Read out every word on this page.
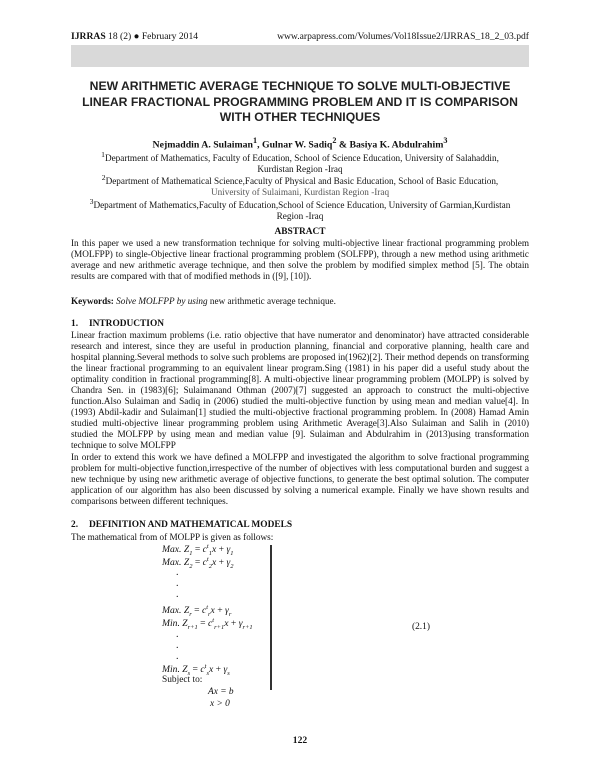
IJRRAS 18 (2) ● February 2014	www.arpapress.com/Volumes/Vol18Issue2/IJRRAS_18_2_03.pdf
NEW ARITHMETIC AVERAGE TECHNIQUE TO SOLVE MULTI-OBJECTIVE LINEAR FRACTIONAL PROGRAMMING PROBLEM AND IT IS COMPARISON WITH OTHER TECHNIQUES
Nejmaddin A. Sulaiman$^1$, Gulnar W. Sadiq$^2$ & Basiya K. Abdulrahim$^3$
$^1$Department of Mathematics, Faculty of Education, School of Science Education, University of Salahaddin,
Kurdistan Region -Iraq
$^2$Department of Mathematical Science,Faculty of Physical and Basic Education, School of Basic Education,
University of Sulaimani, Kurdistan Region -Iraq
$^3$Department of Mathematics,Faculty of Education,School of Science Education, University of Garmian,Kurdistan
Region -Iraq
ABSTRACT
In this paper we used a new transformation technique for solving multi-objective linear fractional programming problem (MOLFPP) to single-Objective linear fractional programming problem (SOLFPP), through a new method using arithmetic average and new arithmetic average technique, and then solve the problem by modified simplex method [5]. The obtain results are compared with that of modified methods in ([9], [10]).
Keywords: Solve MOLFPP by using new arithmetic average technique.
1. INTRODUCTION
Linear fraction maximum problems (i.e. ratio objective that have numerator and denominator) have attracted considerable research and interest, since they are useful in production planning, financial and corporative planning, health care and hospital planning.Several methods to solve such problems are proposed in(1962)[2]. Their method depends on transforming the linear fractional programming to an equivalent linear program.Sing (1981) in his paper did a useful study about the optimality condition in fractional programming[8]. A multi-objective linear programming problem (MOLPP) is solved by Chandra Sen. in (1983)[6]; Sulaimanand Othman (2007)[7] suggested an approach to construct the multi-objective function.Also Sulaiman and Sadiq in (2006) studied the multi-objective function by using mean and median value[4]. In (1993) Abdil-kadir and Sulaiman[1] studied the multi-objective fractional programming problem. In (2008) Hamad Amin studied multi-objective linear programming problem using Arithmetic Average[3].Also Sulaiman and Salih in (2010) studied the MOLFPP by using mean and median value [9]. Sulaiman and Abdulrahim in (2013)using transformation technique to solve MOLFPP
In order to extend this work we have defined a MOLFPP and investigated the algorithm to solve fractional programming problem for multi-objective function,irrespective of the number of objectives with less computational burden and suggest a new technique by using new arithmetic average of objective functions, to generate the best optimal solution. The computer application of our algorithm has also been discussed by solving a numerical example. Finally we have shown results and comparisons between different techniques.
2. DEFINITION AND MATHEMATICAL MODELS
The mathematical from of MOLPP is given as follows:
Max. $Z_1 = c^t_1x + \gamma_1$
Max. $Z_2 = c^t_2x + \gamma_2$
.
.
.
Max. $Z_r = c^t_rx + \gamma_r$
Min. $Z_{r+1} = c^t_{r+1}x + \gamma_{r+1}$
.
.
.
Min. $Z_s = c^t_sx + \gamma_s$
(2.1)
Subject to:
Ax = b
x > 0
122
